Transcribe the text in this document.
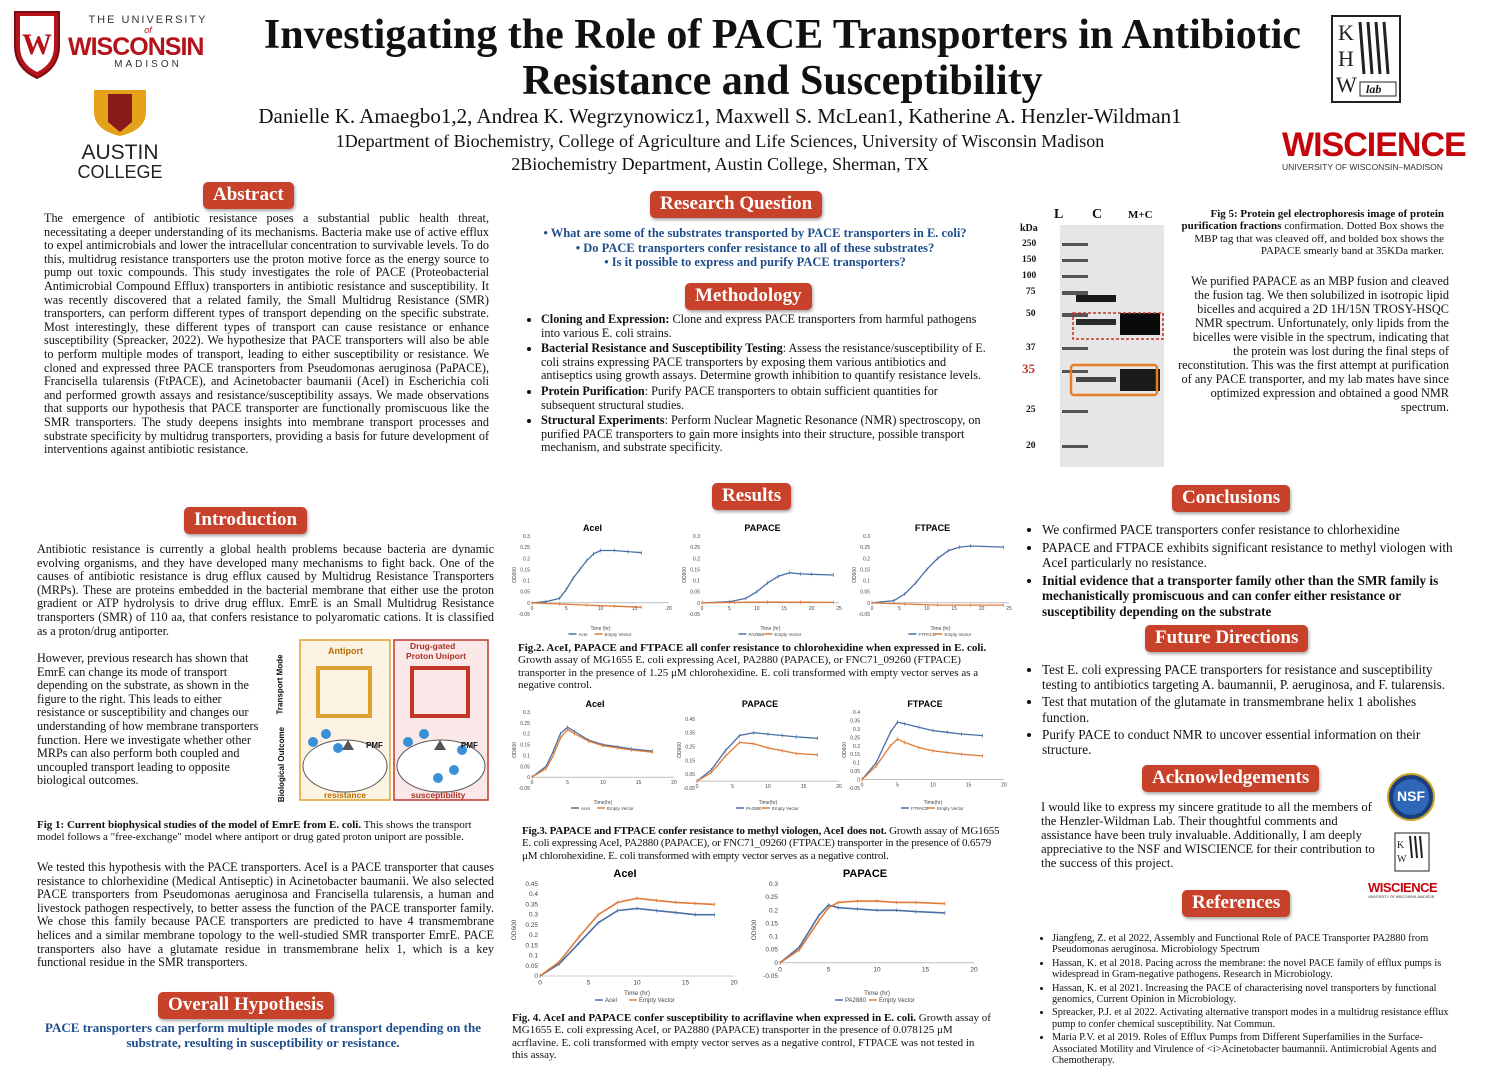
W
THE UNIVERSITY
of
WISCONSIN
MADISON
AUSTIN
COLLEGE
Investigating the Role of PACE Transporters in Antibiotic
Resistance and Susceptibility
Danielle K. Amaegbo1,2, Andrea K. Wegrzynowicz1, Maxwell S. McLean1, Katherine A. Henzler-Wildman1
1Department of Biochemistry, College of Agriculture and Life Sciences, University of Wisconsin Madison
2Biochemistry Department, Austin College, Sherman, TX
K
H
W lab
WISCIENCE
UNIVERSITY OF WISCONSIN–MADISON
Abstract
The emergence of antibiotic resistance poses a substantial public health threat, necessitating a deeper understanding of its mechanisms. Bacteria make use of active efflux to expel antimicrobials and lower the intracellular concentration to survivable levels. To do this, multidrug resistance transporters use the proton motive force as the energy source to pump out toxic compounds. This study investigates the role of PACE (Proteobacterial Antimicrobial Compound Efflux) transporters in antibiotic resistance and susceptibility. It was recently discovered that a related family, the Small Multidrug Resistance (SMR) transporters, can perform different types of transport depending on the specific substrate. Most interestingly, these different types of transport can cause resistance or enhance susceptibility (Spreacker, 2022). We hypothesize that PACE transporters will also be able to perform multiple modes of transport, leading to either susceptibility or resistance. We cloned and expressed three PACE transporters from Pseudomonas aeruginosa (PaPACE), Francisella tularensis (FtPACE), and Acinetobacter baumanii (AceI) in Escherichia coli and performed growth assays and resistance/susceptibility assays. We made observations that supports our hypothesis that PACE transporter are functionally promiscuous like the SMR transporters. The study deepens insights into membrane transport processes and substrate specificity by multidrug transporters, providing a basis for future development of interventions against antibiotic resistance.
Introduction
Antibiotic resistance is currently a global health problems because bacteria are dynamic evolving organisms, and they have developed many mechanisms to fight back. One of the causes of antibiotic resistance is drug efflux caused by Multidrug Resistance Transporters (MRPs). These are proteins embedded in the bacterial membrane that either use the proton gradient or ATP hydrolysis to drive drug efflux. EmrE is an Small Multidrug Resistance transporters (SMR) of 110 aa, that confers resistance to polyaromatic cations. It is classified as a proton/drug antiporter.
However, previous research has shown that EmrE can change its mode of transport depending on the substrate, as shown in the figure to the right. This leads to either resistance or susceptibility and changes our understanding of how membrane transporters function. Here we investigate whether other MRPs can also perform both coupled and uncoupled transport leading to opposite biological outcomes.
Antiport	Drug-gated
Proton Uniport
Transport Mode
Biological Outcome	PMF	PMF
resistance	susceptibility
Fig 1: Current biophysical studies of the model of EmrE from E. coli. This shows the transport model follows a "free-exchange" model where antiport or drug gated proton uniport are possible.
We tested this hypothesis with the PACE transporters. AceI is a PACE transporter that causes resistance to chlorhexidine (Medical Antiseptic) in Acinetobacter baumanii. We also selected PACE transporters from Pseudomonas aeruginosa and Francisella tularensis, a human and livestock pathogen respectively, to better assess the function of the PACE transporter family. We chose this family because PACE transporters are predicted to have 4 transmembrane helices and a similar membrane topology to the well-studied SMR transporter EmrE. PACE transporters also have a glutamate residue in transmembrane helix 1, which is a key functional residue in the SMR transporters.
Overall Hypothesis
PACE transporters can perform multiple modes of transport depending on the substrate, resulting in susceptibility or resistance.
Research Question
• What are some of the substrates transported by PACE transporters in E. coli?
• Do PACE transporters confer resistance to all of these substrates?
• Is it possible to express and purify PACE transporters?
Methodology
• Cloning and Expression: Clone and express PACE transporters from harmful pathogens into various E. coli strains.
• Bacterial Resistance and Susceptibility Testing: Assess the resistance/susceptibility of E. coli strains expressing PACE transporters by exposing them various antibiotics and antiseptics using growth assays. Determine growth inhibition to quantify resistance levels.
• Protein Purification: Purify PACE transporters to obtain sufficient quantities for subsequent structural studies.
• Structural Experiments: Perform Nuclear Magnetic Resonance (NMR) spectroscopy, on purified PACE transporters to gain more insights into their structure, possible transport mechanism, and substrate specificity.
Results
AceI
-0.05
0
0.05
0.1
0.15
0.2
0.25
0.3
0	5	10	15	20
Time (hr)
OD600
AceI	Empty Vector
PAPACE
-0.05
0
0.05
0.1
0.15
0.2
0.25
0.3
0	5	10	15	20	25
Time (hr)
OD600
PA2880 Empty Vector
FTPACE
-0.05
0
0.05
0.1
0.15
0.2
0.25
0.3
0	5	10	15	20	25
Time (hr)
OD600
FTPACE Empty Vector
Fig.2. AceI, PAPACE and FTPACE all confer resistance to chlorohexidine when expressed in E. coli. Growth assay of MG1655 E. coli expressing AceI, PA2880 (PAPACE), or FNC71_09260 (FTPACE) transporter in the presence of 1.25 μM chlorohexidine. E. coli transformed with empty vector serves as a negative control.
AceI
-0.05
0
0.05
0.1
0.15
0.2
0.25
0.3
0	5	10	15	20
Time(hr)
OD600
AceI	Empty Vector
PAPACE
-0.05
0.05
0.15
0.25
0.35
0.45
0	5	10	15	20
Time(hr)
OD600
PA2880 Empty Vector
FTPACE
-0.05
0
0.05
0.1
0.15
0.2
0.25
0.3
0.35
0.4
0	5	10	15	20
Time(hr)
OD600
FTPACE Empty Vector
Fig.3. PAPACE and FTPACE confer resistance to methyl viologen, AceI does not. Growth assay of MG1655 E. coli expressing AceI, PA2880 (PAPACE), or FNC71_09260 (FTPACE) transporter in the presence of 0.6579 μM chlorohexidine. E. coli transformed with empty vector serves as a negative control.
AceI
0
0.05
0.1
0.15
0.2
0.25
0.3
0.35
0.4
0.45
0	5	10	15	20
Time (hr)
OD600
AceI	Empty Vector
PAPACE
-0.05
0
0.05
0.1
0.15
0.2
0.25
0.3
0	5	10	15	20
Time (hr)
OD600
PA2880 Empty Vector
Fig. 4. AceI and PAPACE confer susceptibility to acriflavine when expressed in E. coli. Growth assay of MG1655 E. coli expressing AceI, or PA2880 (PAPACE) transporter in the presence of 0.078125 μM acrflavine. E. coli transformed with empty vector serves as a negative control, FTPACE was not tested in this assay.
L C M+C
kDa
250
150
100
75
50
37
35
25
20
Fig 5: Protein gel electrophoresis image of protein purification fractions confirmation. Dotted Box shows the MBP tag that was cleaved off, and bolded box shows the PAPACE smearly band at 35KDa marker.
We purified PAPACE as an MBP fusion and cleaved the fusion tag. We then solubilized in isotropic lipid bicelles and acquired a 2D 1H/15N TROSY-HSQC NMR spectrum. Unfortunately, only lipids from the bicelles were visible in the spectrum, indicating that the protein was lost during the final steps of reconstitution. This was the first attempt at purification of any PACE transporter, and my lab mates have since optimized expression and obtained a good NMR spectrum.
Conclusions
• We confirmed PACE transporters confer resistance to chlorhexidine
• PAPACE and FTPACE exhibits significant resistance to methyl viologen with AceI particularly no resistance.
• Initial evidence that a transporter family other than the SMR family is mechanistically promiscuous and can confer either resistance or susceptibility depending on the substrate
Future Directions
• Test E. coli expressing PACE transporters for resistance and susceptibility testing to antibiotics targeting A. baumannii, P. aeruginosa, and F. tularensis.
• Test that mutation of the glutamate in transmembrane helix 1 abolishes function.
• Purify PACE to conduct NMR to uncover essential information on their structure.
Acknowledgements
I would like to express my sincere gratitude to all the members of the Henzler-Wildman Lab. Their thoughtful comments and assistance have been truly invaluable. Additionally, I am deeply appreciative to the NSF and WISCIENCE for their contribution to the success of this project.
NSF
K
W
WISCIENCE
UNIVERSITY OF WISCONSIN–MADISON
References
• Jiangfeng, Z. et al 2022, Assembly and Functional Role of PACE Transporter PA2880 from Pseudomonas aeruginosa. Microbiology Spectrum
• Hassan, K. et al 2018. Pacing across the membrane: the novel PACE family of efflux pumps is widespread in Gram-negative pathogens. Research in Microbiology.
• Hassan, K. et al 2021. Increasing the PACE of characterising novel transporters by functional genomics, Current Opinion in Microbiology.
• Spreacker, P.J. et al 2022. Activating alternative transport modes in a multidrug resistance efflux pump to confer chemical susceptibility. Nat Commun.
• Maria P.V. et al 2019. Roles of Efflux Pumps from Different Superfamilies in the Surface-Associated Motility and Virulence of <i>Acinetobacter baumannii. Antimicrobial Agents and Chemotherapy.
